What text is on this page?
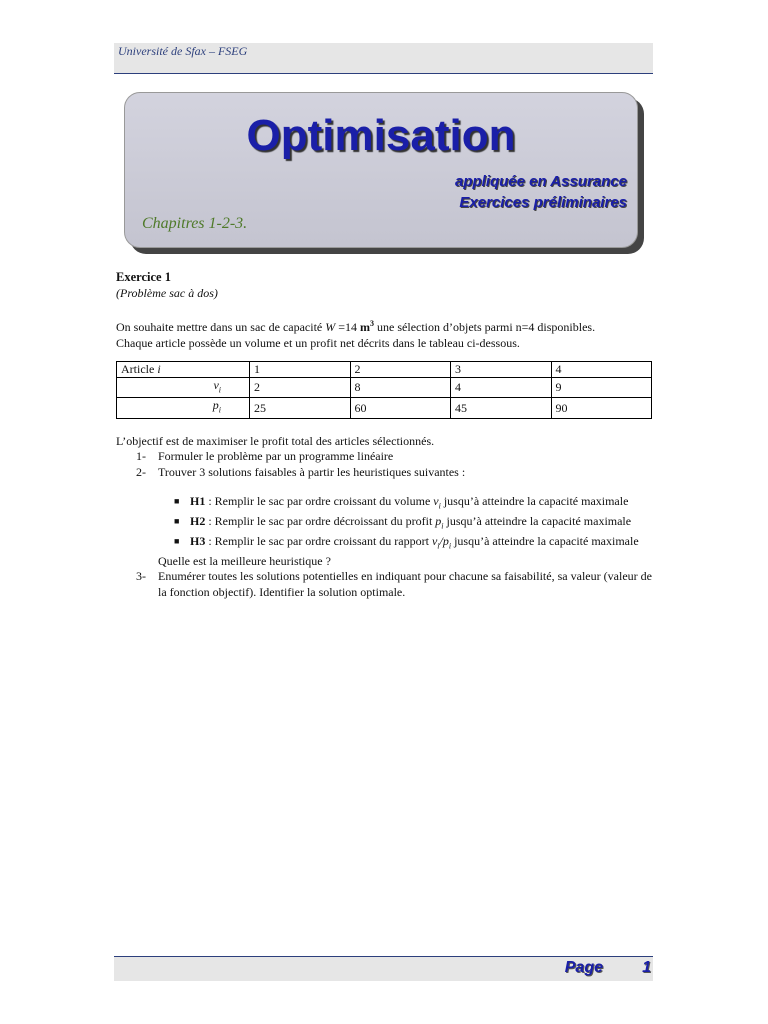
Université de Sfax – FSEG
Optimisation
appliquée en Assurance
Exercices préliminaires
Chapitres 1-2-3.

Exercice 1

(Problème sac à dos)

On souhaite mettre dans un sac de capacité W =14 $m^3$ une sélection d’objets parmi n=4 disponibles.

Chaque article possède un volume et un profit net décrits dans le tableau ci-dessous.

Article i	1	2	3	4
$v_i$	2	8	4	9
$p_i$	25	60	45	90

L’objectif est de maximiser le profit total des articles sélectionnés.

1- Formuler le problème par un programme linéaire
2- Trouver 3 solutions faisables à partir les heuristiques suivantes :
■ H1 : Remplir le sac par ordre croissant du volume $v_i$ jusqu’à atteindre la capacité maximale
■ H2 : Remplir le sac par ordre décroissant du profit $p_i$ jusqu’à atteindre la capacité maximale
■ H3 : Remplir le sac par ordre croissant du rapport $v_i/p_i$ jusqu’à atteindre la capacité maximale

Quelle est la meilleure heuristique ?

3- Enumérer toutes les solutions potentielles en indiquant pour chacune sa faisabilité, sa valeur (valeur de la fonction objectif). Identifier la solution optimale.
Page 1
